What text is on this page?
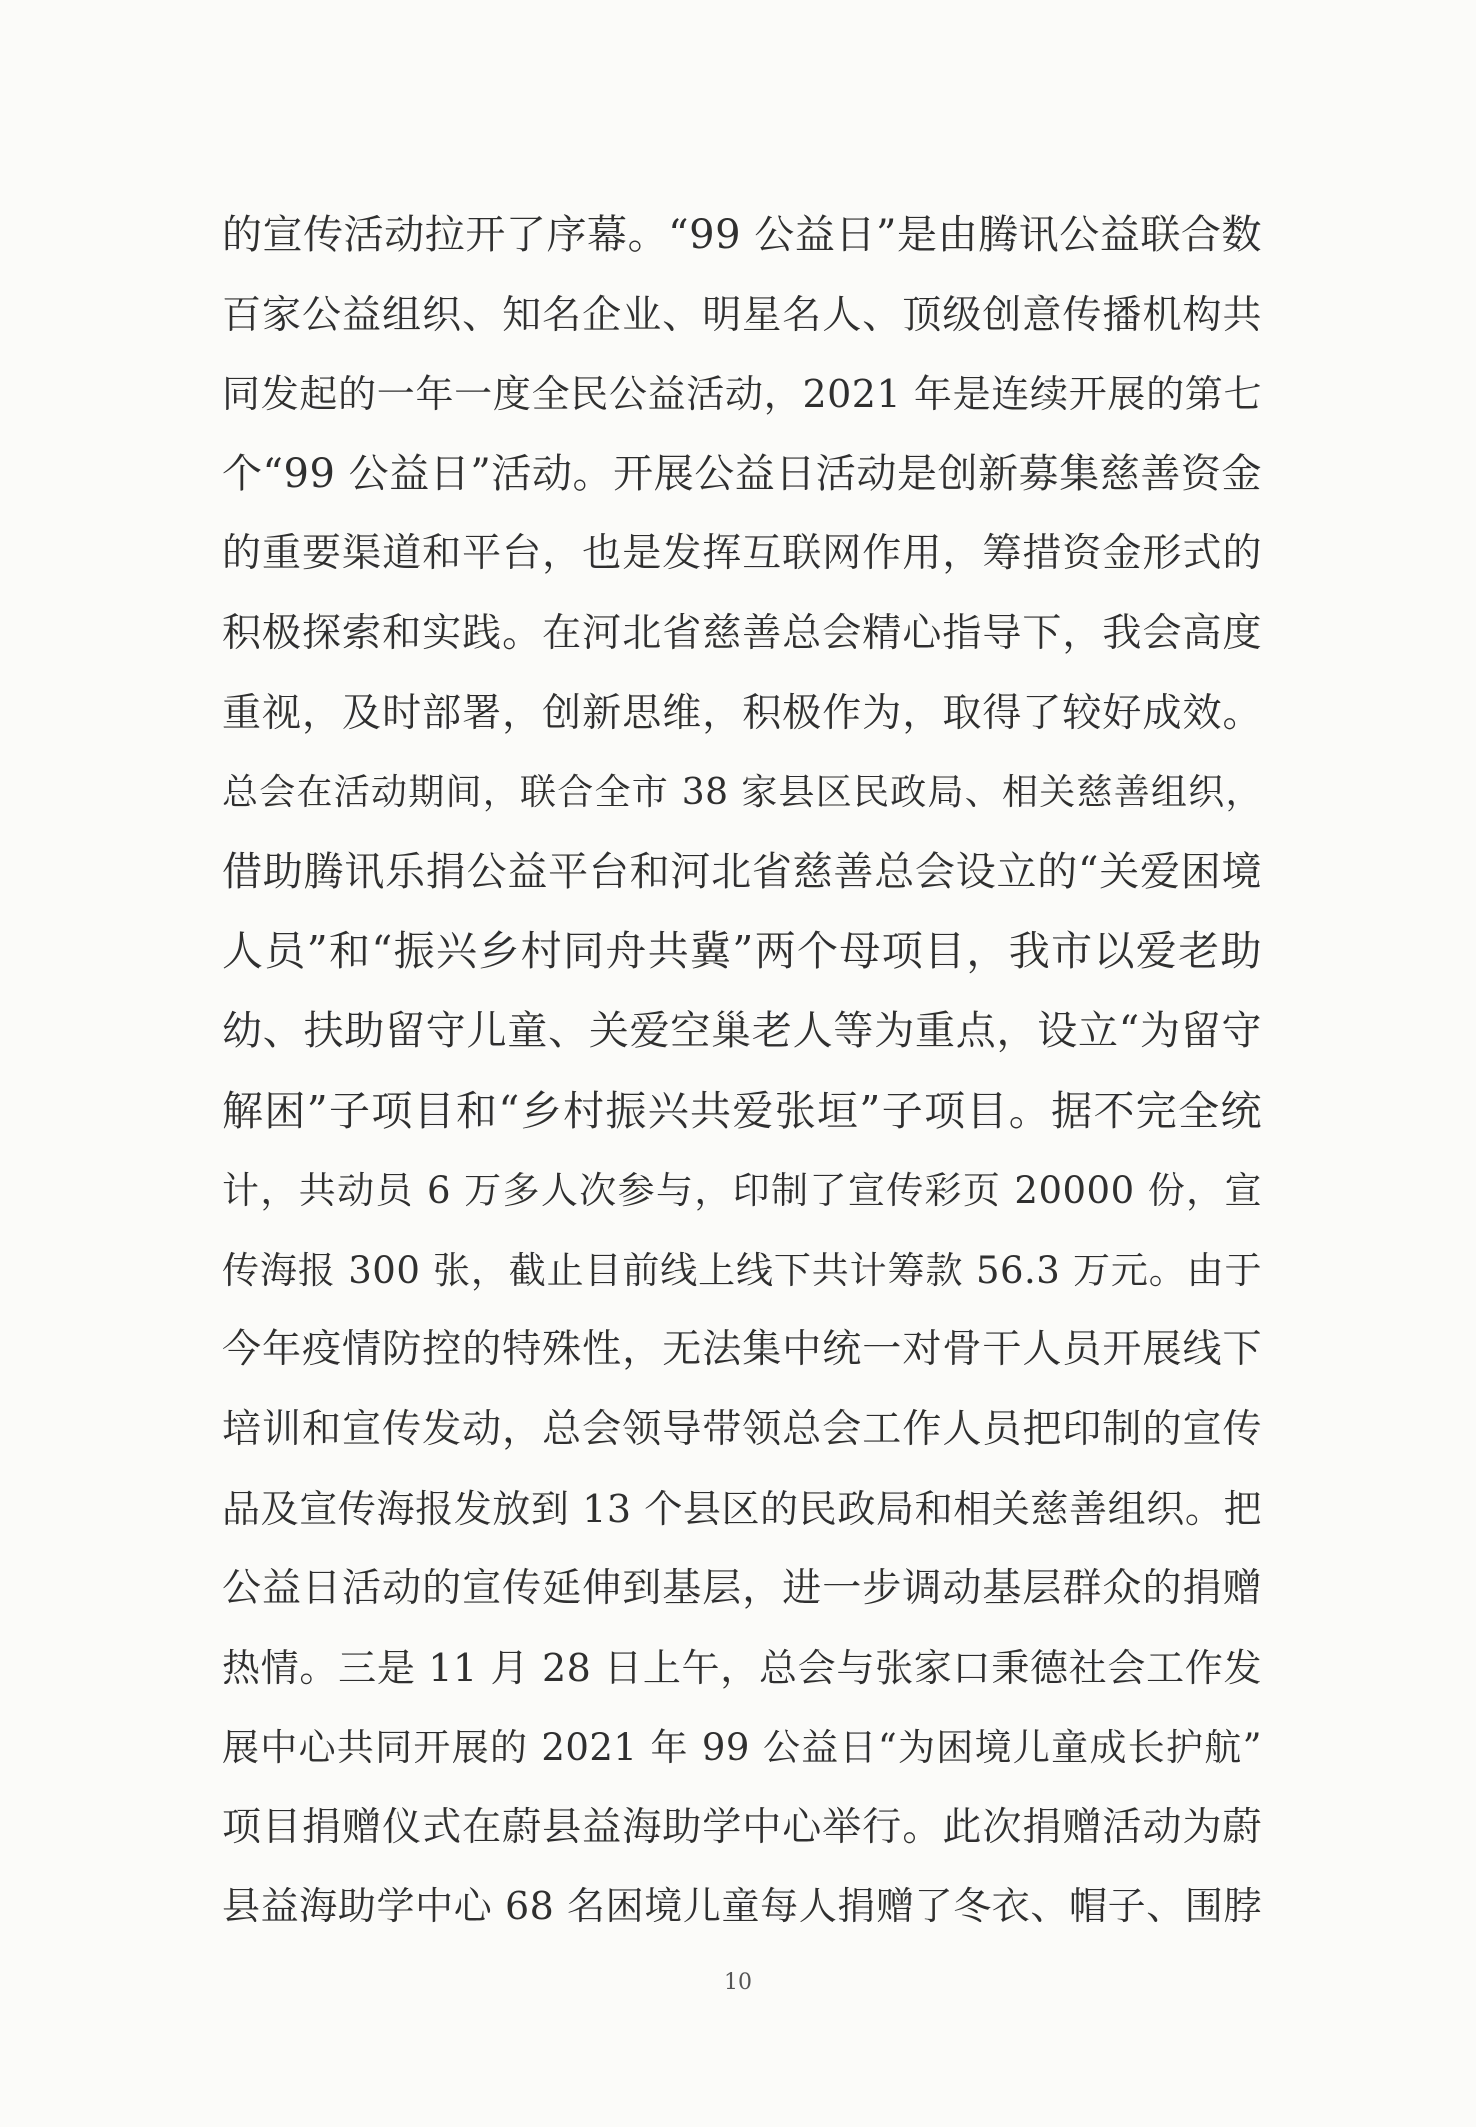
的宣传活动拉开了序幕。“99 公益日”是由腾讯公益联合数
百家公益组织、知名企业、明星名人、顶级创意传播机构共
同发起的一年一度全民公益活动，2021 年是连续开展的第七
个“99 公益日”活动。开展公益日活动是创新募集慈善资金
的重要渠道和平台，也是发挥互联网作用，筹措资金形式的
积极探索和实践。在河北省慈善总会精心指导下，我会高度
重视，及时部署，创新思维，积极作为，取得了较好成效。
总会在活动期间，联合全市 38 家县区民政局、相关慈善组织，
借助腾讯乐捐公益平台和河北省慈善总会设立的“关爱困境
人员”和“振兴乡村同舟共冀”两个母项目，我市以爱老助
幼、扶助留守儿童、关爱空巢老人等为重点，设立“为留守
解困”子项目和“乡村振兴共爱张垣”子项目。据不完全统
计，共动员 6 万多人次参与，印制了宣传彩页 20000 份，宣
传海报 300 张，截止目前线上线下共计筹款 56.3 万元。由于
今年疫情防控的特殊性，无法集中统一对骨干人员开展线下
培训和宣传发动，总会领导带领总会工作人员把印制的宣传
品及宣传海报发放到 13 个县区的民政局和相关慈善组织。把
公益日活动的宣传延伸到基层，进一步调动基层群众的捐赠
热情。三是 11 月 28 日上午，总会与张家口秉德社会工作发
展中心共同开展的 2021 年 99 公益日“为困境儿童成长护航”
项目捐赠仪式在蔚县益海助学中心举行。此次捐赠活动为蔚
县益海助学中心 68 名困境儿童每人捐赠了冬衣、帽子、围脖
10
